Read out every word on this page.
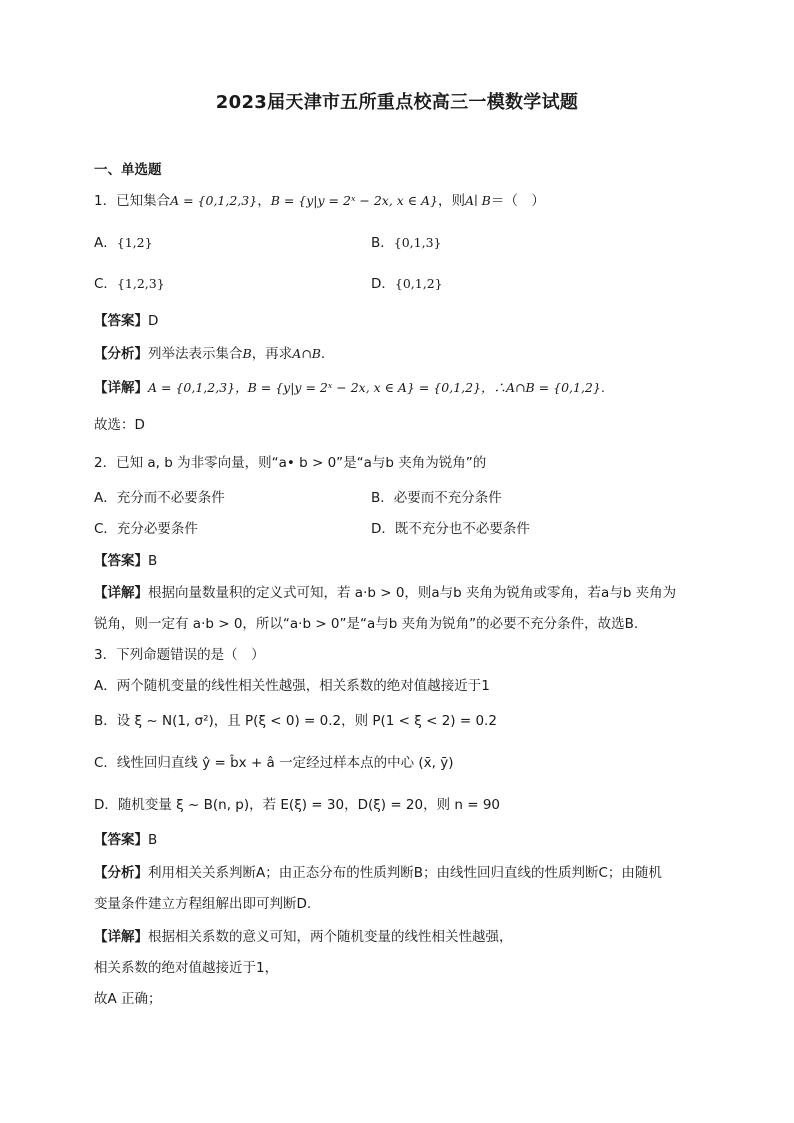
2023届天津市五所重点校高三一模数学试题
一、单选题
1．已知集合A = {0,1,2,3}，B = {y|y = 2ˣ − 2x, x ∈ A}，则A∣ B＝（　）
A．{1,2}	B．{0,1,3}
C．{1,2,3}	D．{0,1,2}
【答案】D
【分析】列举法表示集合B，再求A∩B.
【详解】A = {0,1,2,3}，B = {y|y = 2ˣ − 2x, x ∈ A} = {0,1,2}，∴A∩B = {0,1,2}.
故选：D
2．已知 a, b 为非零向量，则“a• b > 0”是“a与b 夹角为锐角”的
A．充分而不必要条件	B．必要而不充分条件
C．充分必要条件	D．既不充分也不必要条件
【答案】B
【详解】根据向量数量积的定义式可知，若 a·b > 0，则a与b 夹角为锐角或零角，若a与b 夹角为
锐角，则一定有 a·b > 0，所以“a·b > 0”是“a与b 夹角为锐角”的必要不充分条件，故选B.
3．下列命题错误的是（　）
A．两个随机变量的线性相关性越强，相关系数的绝对值越接近于1
B．设 ξ ~ N(1, σ²)，且 P(ξ < 0) = 0.2，则 P(1 < ξ < 2) = 0.2
C．线性回归直线 ŷ = b̂x + â 一定经过样本点的中心 (x̄, ȳ)
D．随机变量 ξ ~ B(n, p)，若 E(ξ) = 30，D(ξ) = 20，则 n = 90
【答案】B
【分析】利用相关关系判断A；由正态分布的性质判断B；由线性回归直线的性质判断C；由随机
变量条件建立方程组解出即可判断D.
【详解】根据相关系数的意义可知，两个随机变量的线性相关性越强，
相关系数的绝对值越接近于1，
故A 正确；
